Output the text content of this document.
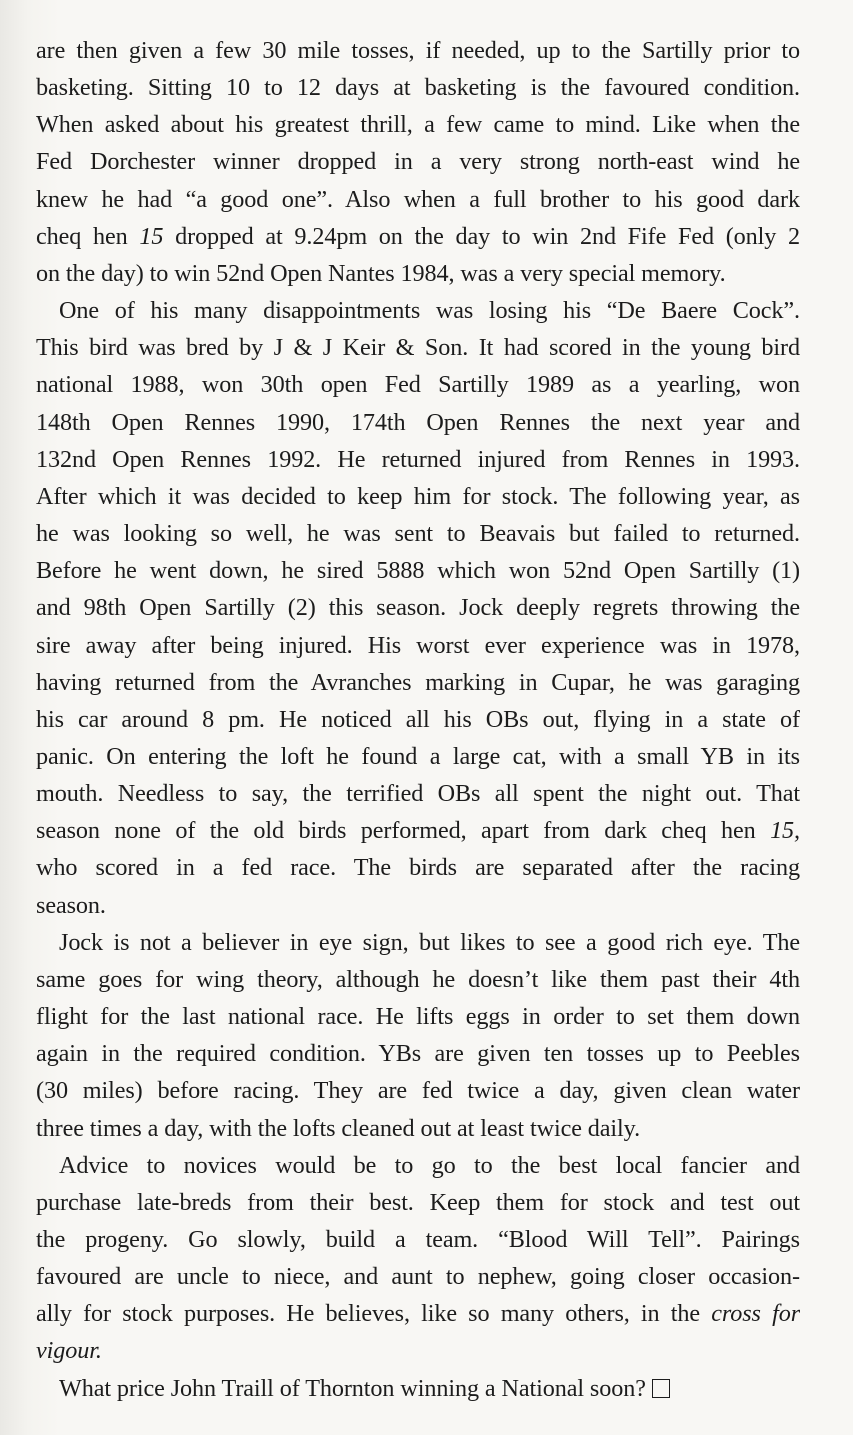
are then given a few 30 mile tosses, if needed, up to the Sartilly prior to
basketing. Sitting 10 to 12 days at basketing is the favoured condition.
When asked about his greatest thrill, a few came to mind. Like when the
Fed Dorchester winner dropped in a very strong north-east wind he
knew he had “a good one”. Also when a full brother to his good dark
cheq hen 15 dropped at 9.24pm on the day to win 2nd Fife Fed (only 2
on the day) to win 52nd Open Nantes 1984, was a very special memory.
One of his many disappointments was losing his “De Baere Cock”.
This bird was bred by J & J Keir & Son. It had scored in the young bird
national 1988, won 30th open Fed Sartilly 1989 as a yearling, won
148th Open Rennes 1990, 174th Open Rennes the next year and
132nd Open Rennes 1992. He returned injured from Rennes in 1993.
After which it was decided to keep him for stock. The following year, as
he was looking so well, he was sent to Beavais but failed to returned.
Before he went down, he sired 5888 which won 52nd Open Sartilly (1)
and 98th Open Sartilly (2) this season. Jock deeply regrets throwing the
sire away after being injured. His worst ever experience was in 1978,
having returned from the Avranches marking in Cupar, he was garaging
his car around 8 pm. He noticed all his OBs out, flying in a state of
panic. On entering the loft he found a large cat, with a small YB in its
mouth. Needless to say, the terrified OBs all spent the night out. That
season none of the old birds performed, apart from dark cheq hen 15,
who scored in a fed race. The birds are separated after the racing
season.
Jock is not a believer in eye sign, but likes to see a good rich eye. The
same goes for wing theory, although he doesn’t like them past their 4th
flight for the last national race. He lifts eggs in order to set them down
again in the required condition. YBs are given ten tosses up to Peebles
(30 miles) before racing. They are fed twice a day, given clean water
three times a day, with the lofts cleaned out at least twice daily.
Advice to novices would be to go to the best local fancier and
purchase late-breds from their best. Keep them for stock and test out
the progeny. Go slowly, build a team. “Blood Will Tell”. Pairings
favoured are uncle to niece, and aunt to nephew, going closer occasion-
ally for stock purposes. He believes, like so many others, in the cross for
vigour.
What price John Traill of Thornton winning a National soon?
